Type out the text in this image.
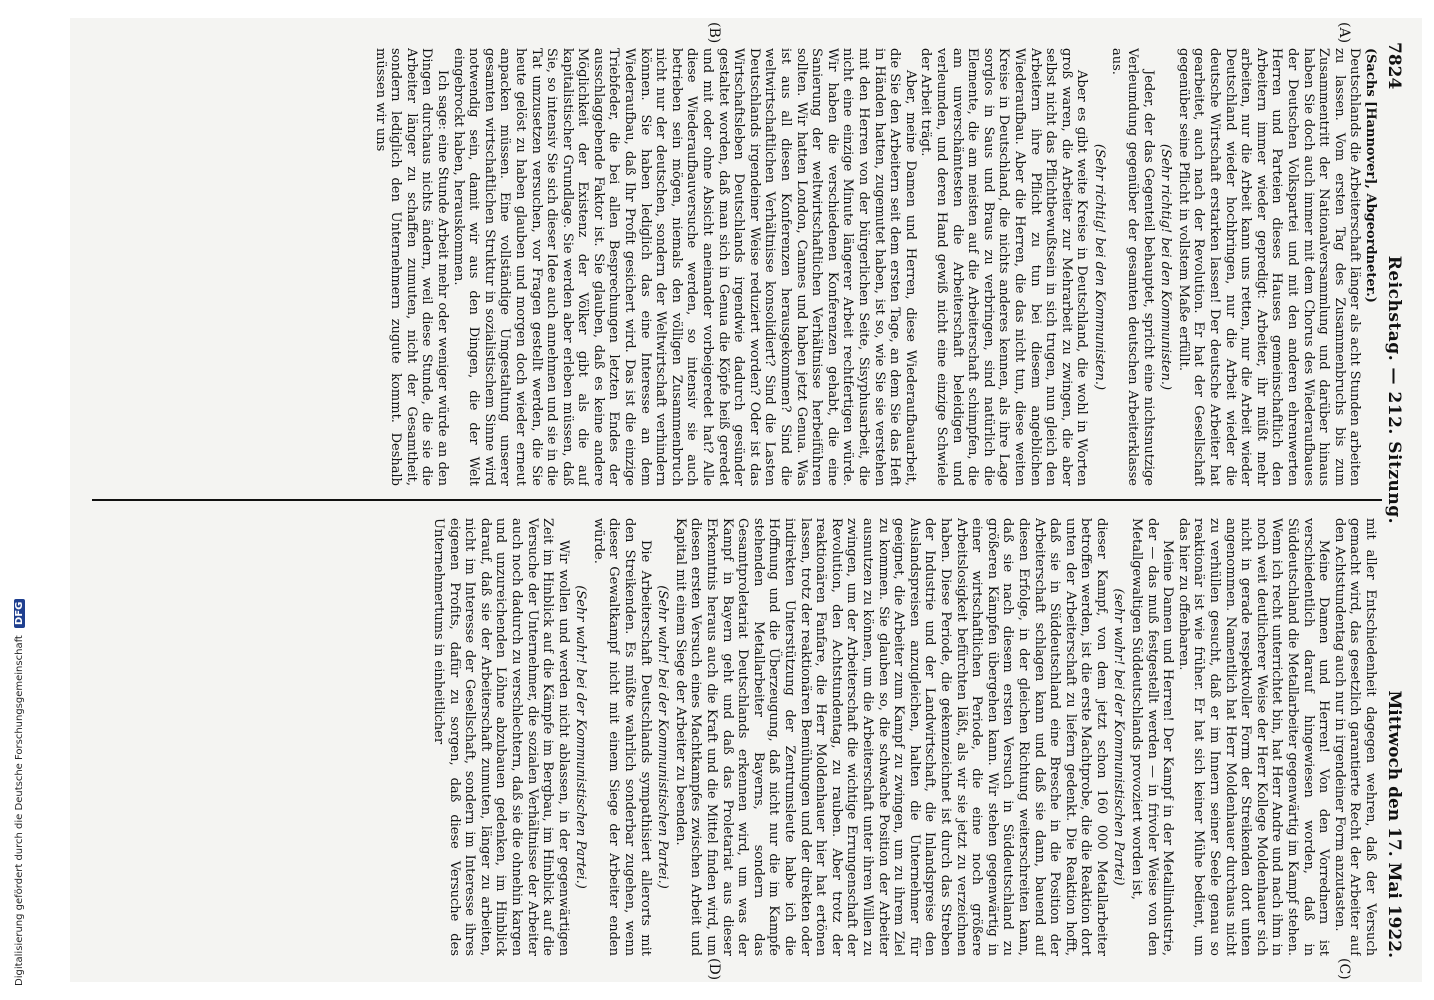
Digitalisierung gefördert durch die Deutsche Forschungsgemeinschaft DFG
7824
Reichstag. — 212. Sitzung.
Mittwoch den 17. Mai 1922.
(A)
(B)
(C)
(D)

(Sachs [Hannover], Abgeordneter.)

Deutschlands die Arbeiterschaft länger als acht Stunden arbeiten zu lassen. Vom ersten Tag des Zusammenbruchs bis zum Zusammentritt der Nationalversammlung und darüber hinaus haben Sie doch auch immer mit dem Chorus des Wiederaufbaues der Deutschen Volkspartei und mit den anderen ehrenwerten Herren und Parteien dieses Hauses gemeinschaftlich den Arbeitern immer wieder gepredigt: Arbeiter, ihr müßt mehr arbeiten, nur die Arbeit kann uns retten, nur die Arbeit wieder Deutschland wieder hochbringen, nur die Arbeit wieder die deutsche Wirtschaft erstarken lassen! Der deutsche Arbeiter hat gearbeitet, auch nach der Revolution. Er hat der Gesellschaft gegenüber seine Pflicht in vollstem Maße erfüllt.

(Sehr richtig! bei den Kommunisten.)

Jeder, der das Gegenteil behauptet, spricht eine nichtsnutzige Verleumdung gegenüber der gesamten deutschen Arbeiterklasse aus.

(Sehr richtig! bei den Kommunisten.)

Aber es gibt weite Kreise in Deutschland, die wohl in Worten groß waren, die Arbeiter zur Mehrarbeit zu zwingen, die aber selbst nicht das Pflichtbewußtsein in sich trugen, nun gleich den Arbeitern ihre Pflicht zu tun bei diesem angeblichen Wiederaufbau. Aber die Herren, die das nicht tun, diese weiten Kreise in Deutschland, die nichts anderes kennen, als ihre Lage sorglos in Saus und Braus zu verbringen, sind natürlich die Elemente, die am meisten auf die Arbeiterschaft schimpfen, die am unverschämtesten die Arbeiterschaft beleidigen und verleumden, und deren Hand gewiß nicht eine einzige Schwiele der Arbeit trägt.

Aber, meine Damen und Herren, diese Wiederaufbauarbeit, die Sie den Arbeitern seit dem ersten Tage, an dem Sie das Heft in Händen hatten, zugemutet haben, ist so, wie Sie sie verstehen mit den Herren von der bürgerlichen Seite, Sisyphusarbeit, die nicht eine einzige Minute längerer Arbeit rechtfertigen würde. Wir haben die verschiedenen Konferenzen gehabt, die eine Sanierung der weltwirtschaftlichen Verhältnisse herbeiführen sollten. Wir hatten London, Cannes und haben jetzt Genua. Was ist aus all diesen Konferenzen herausgekommen? Sind die weltwirtschaftlichen Verhältnisse konsolidiert? Sind die Lasten Deutschlands irgendeiner Weise reduziert worden? Oder ist das Wirtschaftsleben Deutschlands irgendwie dadurch gesünder gestaltet worden, daß man sich in Genua die Köpfe heiß geredet und mit oder ohne Absicht aneinander vorbeigeredet hat? Alle diese Wiederaufbauversuche werden, so intensiv sie auch betrieben sein mögen, niemals den völligen Zusammenbruch nicht nur der deutschen, sondern der Weltwirtschaft verhindern können. Sie haben lediglich das eine Interesse an dem Wiederaufbau, daß Ihr Profit gesichert wird. Das ist die einzige Triebfeder, die bei allen Besprechungen letzten Endes der ausschlaggebende Faktor ist. Sie glauben, daß es keine andere Möglichkeit der Existenz der Völker gibt als die auf kapitalistischer Grundlage. Sie werden aber erleben müssen, daß Sie, so intensiv Sie sich dieser Idee auch annehmen und sie in die Tat umzusetzen versuchen, vor Fragen gestellt werden, die Sie heute gelöst zu haben glauben und morgen doch wieder erneut anpacken müssen. Eine vollständige Umgestaltung unserer gesamten wirtschaftlichen Struktur in sozialistischem Sinne wird notwendig sein, damit wir aus den Dingen, die der Welt eingebrockt haben, herauskommen.

Ich sage: eine Stunde Arbeit mehr oder weniger würde an den Dingen durchaus nichts ändern, weil diese Stunde, die sie die Arbeiter länger zu schaffen zumuten, nicht der Gesamtheit, sondern lediglich den Unternehmern zugute kommt. Deshalb müssen wir uns

mit aller Entschiedenheit dagegen wehren, daß der Versuch gemacht wird, das gesetzlich garantierte Recht der Arbeiter auf den Achtstundentag auch nur in irgendeiner Form anzutasten.

Meine Damen und Herren! Von den Vorrednern ist verschiedentlich darauf hingewiesen worden, daß in Süddeutschland die Metallarbeiter gegenwärtig im Kampf stehen. Wenn ich recht unterrichtet bin, hat Herr Andre und nach ihm in noch weit deutlicherer Weise der Herr Kollege Moldenhauer sich nicht in gerade respektvoller Form der Streikenden dort unten angenommen. Namentlich hat Herr Moldenhauer durchaus nicht zu verhüllen gesucht, daß er im Innern seiner Seele genau so reaktionär ist wie früher. Er hat sich keiner Mühe bedient, um das hier zu offenbaren.

Meine Damen und Herren! Der Kampf in der Metallindustrie, der — das muß festgestellt werden — in frivoler Weise von den Metallgewaltigen Süddeutschlands provoziert worden ist,

(sehr wahr! bei der Kommunistischen Partei)

dieser Kampf, von dem jetzt schon 160 000 Metallarbeiter betroffen werden, ist die erste Machtprobe, die die Reaktion dort unten der Arbeiterschaft zu liefern gedenkt. Die Reaktion hofft, daß sie in Süddeutschland eine Bresche in die Position der Arbeiterschaft schlagen kann und daß sie dann, bauend auf diesen Erfolge, in der gleichen Richtung weiterschreiten kann, daß sie nach diesem ersten Versuch in Süddeutschland zu größeren Kämpfen übergehen kann. Wir stehen gegenwärtig in einer wirtschaftlichen Periode, die eine noch größere Arbeitslosigkeit befürchten läßt, als wir sie jetzt zu verzeichnen haben. Diese Periode, die gekennzeichnet ist durch das Streben der Industrie und der Landwirtschaft, die Inlandspreise den Auslandspreisen anzugleichen, halten die Unternehmer für geeignet, die Arbeiter zum Kampf zu zwingen, um zu ihrem Ziel zu kommen. Sie glauben so, die schwache Position der Arbeiter ausnutzen zu können, um die Arbeiterschaft unter ihren Willen zu zwingen, um der Arbeiterschaft die wichtige Errungenschaft der Revolution, den Achtstundentag, zu rauben. Aber trotz der reaktionären Fanfare, die Herr Moldenhauer hier hat ertönen lassen, trotz der reaktionären Bemühungen und der direkten oder indirekten Unterstützung der Zentrumsleute habe ich die Hoffnung und die Überzeugung, daß nicht nur die im Kampfe stehenden Metallarbeiter Bayerns, sondern das Gesamtproletariat Deutschlands erkennen wird, um was der Kampf in Bayern geht und daß das Proletariat aus dieser Erkenntnis heraus auch die Kraft und die Mittel finden wird, um diesen ersten Versuch eines Machtkampfes zwischen Arbeit und Kapital mit einem Siege der Arbeiter zu beenden.

(Sehr wahr! bei der Kommunistischen Partei.)

Die Arbeiterschaft Deutschlands sympathisiert allerorts mit den Streikenden. Es müßte wahrlich sonderbar zugehen, wenn dieser Gewaltkampf nicht mit einem Siege der Arbeiter enden würde.

(Sehr wahr! bei der Kommunistischen Partei.)

Wir wollen und werden nicht ablassen, in der gegenwärtigen Zeit im Hinblick auf die Kämpfe im Bergbau, im Hinblick auf die Versuche der Unternehmer, die sozialen Verhältnisse der Arbeiter auch noch dadurch zu verschlechtern, daß sie die ohnehin kargen und unzureichenden Löhne abzubauen gedenken, im Hinblick darauf, daß sie der Arbeiterschaft zumuten, länger zu arbeiten, nicht im Interesse der Gesellschaft, sondern im Interesse ihres eigenen Profits, dafür zu sorgen, daß diese Versuche des Unternehmertums in einheitlicher
